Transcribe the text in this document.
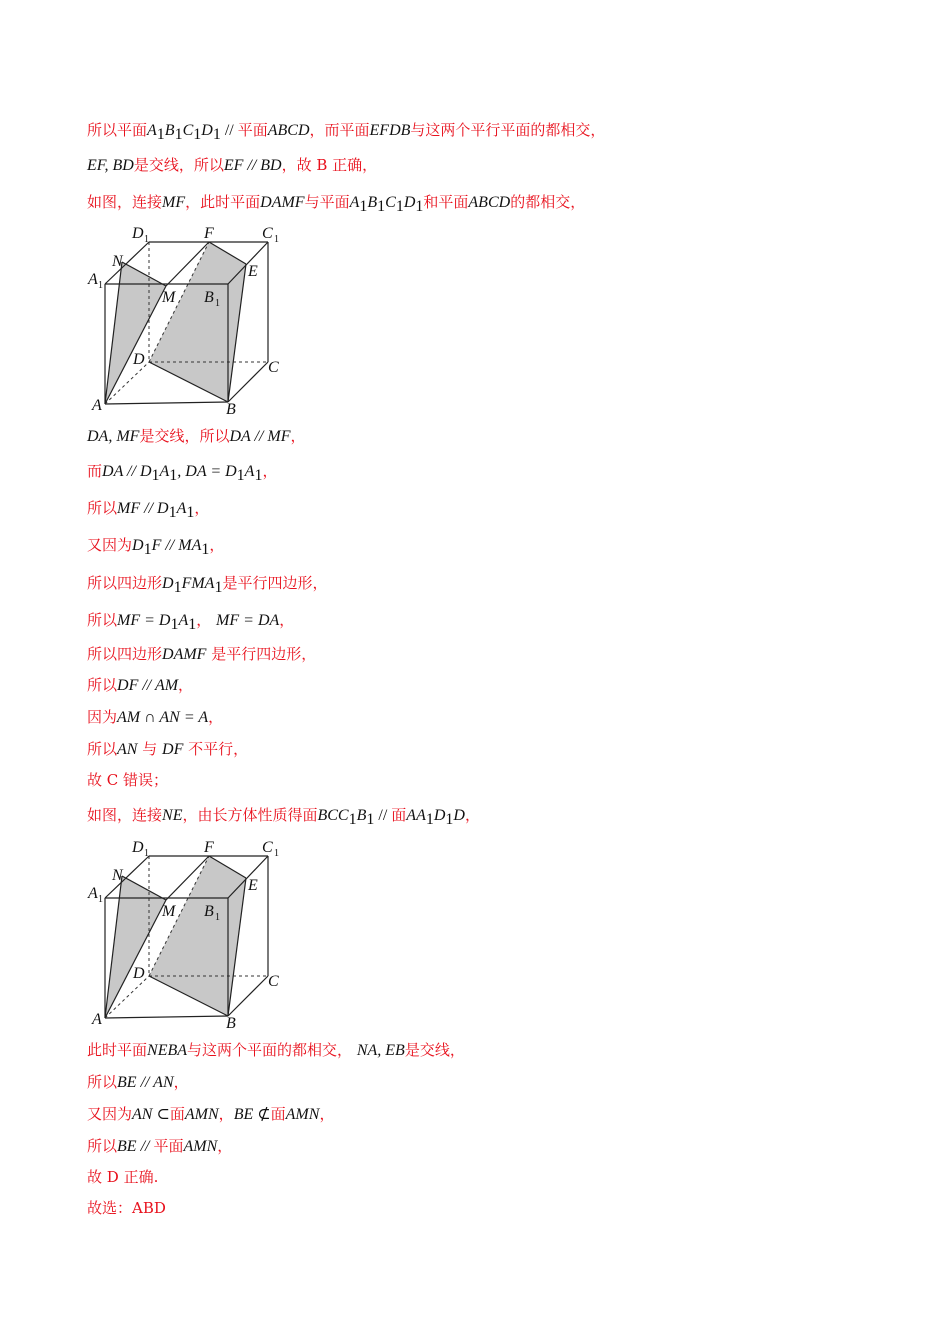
所以平面$A_1B_1C_1D_1$ // 平面ABCD，而平面EFDB与这两个平行平面的都相交，
EF, BD是交线，所以EF // BD，故 B 正确，
如图，连接MF，此时平面DAMF与平面$A_1B_1C_1D_1$和平面ABCD的都相交，
D 1	F	C 1
N
E
A 1
M B 1
D	C
A	B
DA, MF是交线，所以DA // MF，
而DA // $D_1A_1$, DA = $D_1A_1$，
所以MF // $D_1A_1$，
又因为$D_1F // MA_1$，
所以四边形$D_1FMA_1$是平行四边形，
所以MF = $D_1A_1$， MF = DA，
所以四边形DAMF 是平行四边形，
所以DF // AM，
因为AM ∩ AN = A，
所以AN 与 DF 不平行，
故 C 错误；
如图，连接NE，由长方体性质得面$BCC_1B_1$ // 面$AA_1D_1D$，
D 1	F	C 1
N
E
A 1
M B 1
D	C
A	B
此时平面NEBA与这两个平面的都相交， NA, EB是交线，
所以BE // AN，
又因为AN ⊂面AMN，BE ⊄面AMN，
所以BE // 平面AMN，
故 D 正确.
故选：ABD
